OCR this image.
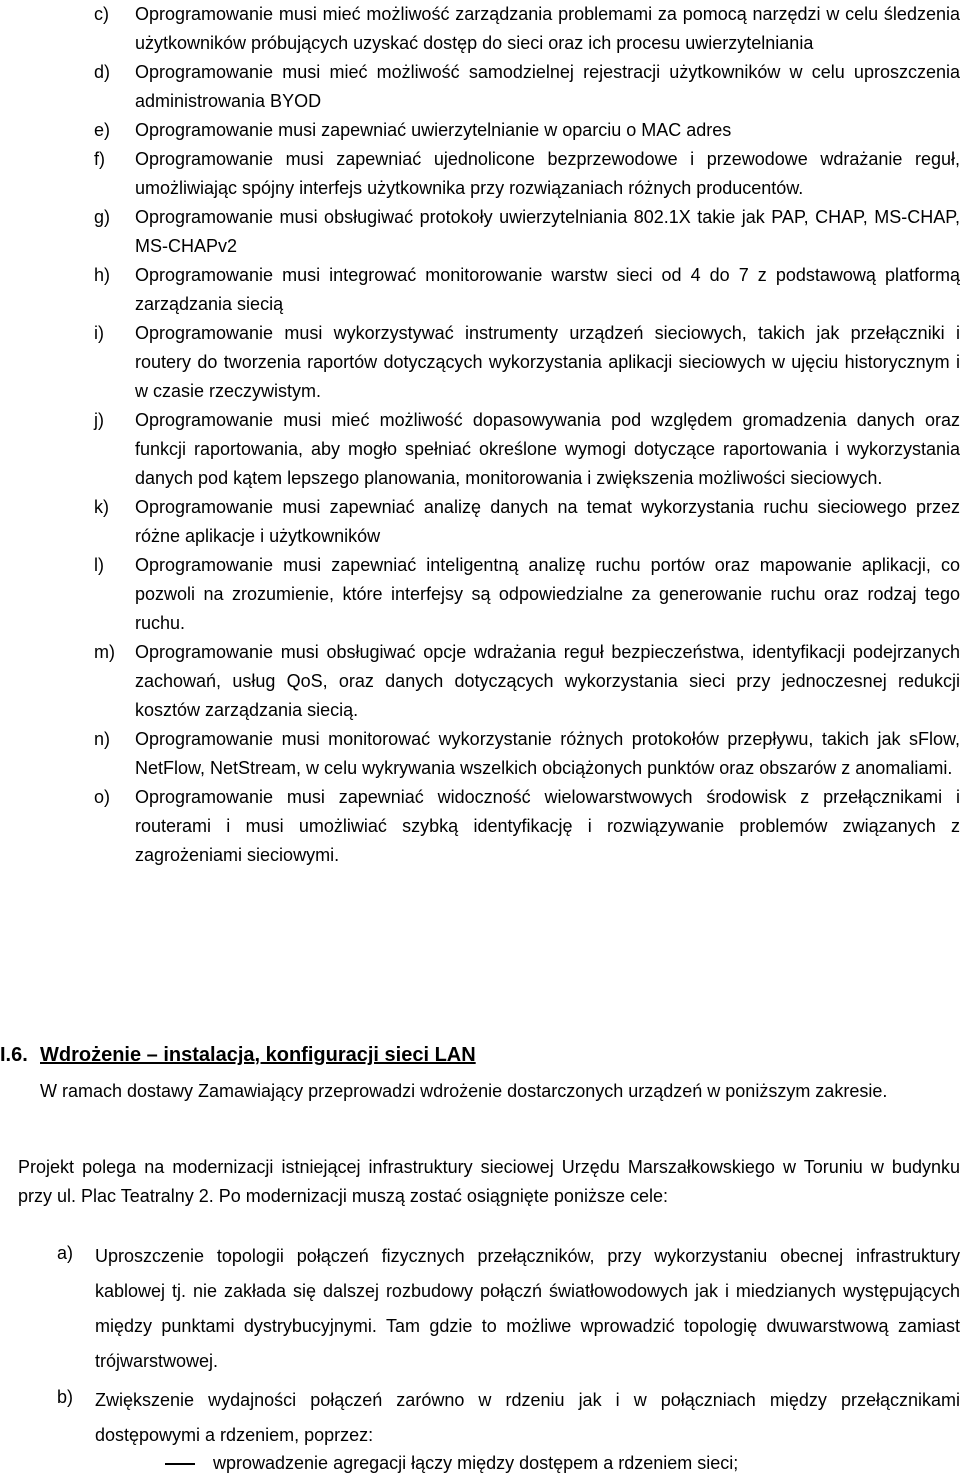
c)	Oprogramowanie musi mieć możliwość zarządzania problemami za pomocą narzędzi w celu śledzenia użytkowników próbujących uzyskać dostęp do sieci oraz ich procesu uwierzytelniania
d)	Oprogramowanie musi mieć możliwość samodzielnej rejestracji użytkowników w celu uproszczenia administrowania BYOD
e)	Oprogramowanie musi zapewniać uwierzytelnianie w oparciu o MAC adres
f)	Oprogramowanie musi zapewniać ujednolicone bezprzewodowe i przewodowe wdrażanie reguł, umożliwiając spójny interfejs użytkownika przy rozwiązaniach różnych producentów.
g)	Oprogramowanie musi obsługiwać protokoły uwierzytelniania 802.1X takie jak PAP, CHAP, MS-CHAP, MS-CHAPv2
h)	Oprogramowanie musi integrować monitorowanie warstw sieci od 4 do 7 z podstawową platformą zarządzania siecią
i)	Oprogramowanie musi wykorzystywać instrumenty urządzeń sieciowych, takich jak przełączniki i routery do tworzenia raportów dotyczących wykorzystania aplikacji sieciowych w ujęciu historycznym i w czasie rzeczywistym.
j)	Oprogramowanie musi mieć możliwość dopasowywania pod względem gromadzenia danych oraz funkcji raportowania, aby mogło spełniać określone wymogi dotyczące raportowania i wykorzystania danych pod kątem lepszego planowania, monitorowania i zwiększenia możliwości sieciowych.
k)	Oprogramowanie musi zapewniać analizę danych na temat wykorzystania ruchu sieciowego przez różne aplikacje i użytkowników
l)	Oprogramowanie musi zapewniać inteligentną analizę ruchu portów oraz mapowanie aplikacji, co pozwoli na zrozumienie, które interfejsy są odpowiedzialne za generowanie ruchu oraz rodzaj tego ruchu.
m)	Oprogramowanie musi obsługiwać opcje wdrażania reguł bezpieczeństwa, identyfikacji podejrzanych zachowań, usług QoS, oraz danych dotyczących wykorzystania sieci przy jednoczesnej redukcji kosztów zarządzania siecią.
n)	Oprogramowanie musi monitorować wykorzystanie różnych protokołów przepływu, takich jak sFlow, NetFlow, NetStream, w celu wykrywania wszelkich obciążonych punktów oraz obszarów z anomaliami.
o)	Oprogramowanie musi zapewniać widoczność wielowarstwowych środowisk z przełącznikami i routerami i musi umożliwiać szybką identyfikację i rozwiązywanie problemów związanych z zagrożeniami sieciowymi.
I.6. Wdrożenie – instalacja, konfiguracji sieci LAN
W ramach dostawy Zamawiający przeprowadzi wdrożenie dostarczonych urządzeń w poniższym zakresie.
Projekt polega na modernizacji istniejącej infrastruktury sieciowej Urzędu Marszałkowskiego w Toruniu w budynku przy ul. Plac Teatralny 2. Po modernizacji muszą zostać osiągnięte poniższe cele:
a)	Uproszczenie topologii połączeń fizycznych przełączników, przy wykorzystaniu obecnej infrastruktury kablowej tj. nie zakłada się dalszej rozbudowy połączń światłowodowych jak i miedzianych występujących między punktami dystrybucyjnymi. Tam gdzie to możliwe wprowadzić topologię dwuwarstwową zamiast trójwarstwowej.
b)	Zwiększenie wydajności połączeń zarówno w rdzeniu jak i w połączniach między przełącznikami dostępowymi a rdzeniem, poprzez:
wprowadzenie agregacji łączy między dostępem a rdzeniem sieci;
